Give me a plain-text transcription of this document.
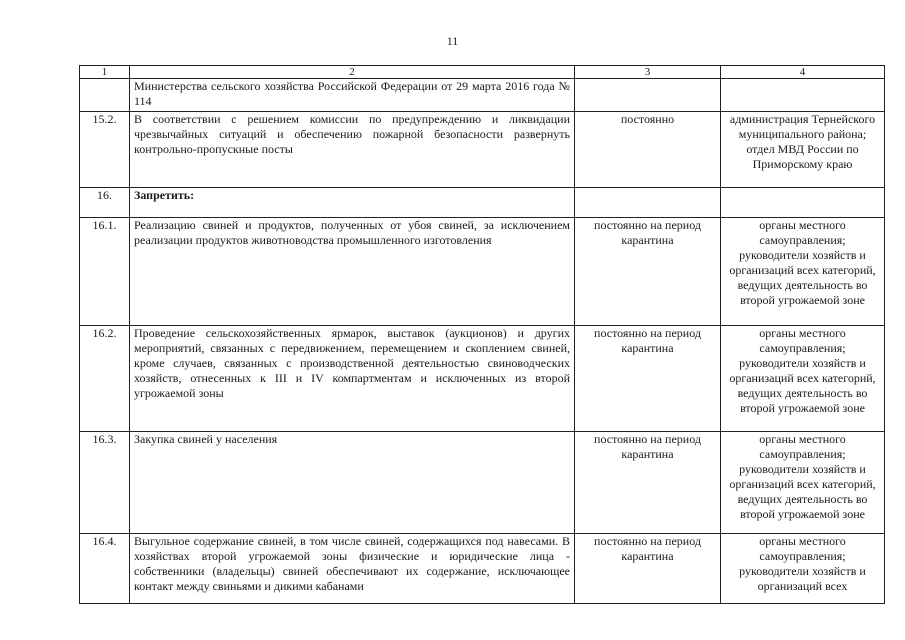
11
1	2	3	4
	Министерства сельского хозяйства Российской Федерации от 29 марта 2016 года № 114		
15.2.	В соответствии с решением комиссии по предупреждению и ликвидации чрезвычайных ситуаций и обеспечению пожарной безопасности развернуть контрольно-пропускные посты	постоянно	администрация Тернейского муниципального района; отдел МВД России по Приморскому краю
16.	Запретить:		
16.1.	Реализацию свиней и продуктов, полученных от убоя свиней, за исключением реализации продуктов животноводства промышленного изготовления	постоянно на период карантина	органы местного самоуправления; руководители хозяйств и организаций всех категорий, ведущих деятельность во второй угрожаемой зоне
16.2.	Проведение сельскохозяйственных ярмарок, выставок (аукционов) и других мероприятий, связанных с передвижением, перемещением и скоплением свиней, кроме случаев, связанных с производственной деятельностью свиноводческих хозяйств, отнесенных к III и IV компартментам и исключенных из второй угрожаемой зоны	постоянно на период карантина	органы местного самоуправления; руководители хозяйств и организаций всех категорий, ведущих деятельность во второй угрожаемой зоне
16.3.	Закупка свиней у населения	постоянно на период карантина	органы местного самоуправления; руководители хозяйств и организаций всех категорий, ведущих деятельность во второй угрожаемой зоне
16.4.	Выгульное содержание свиней, в том числе свиней, содержащихся под навесами. В хозяйствах второй угрожаемой зоны физические и юридические лица - собственники (владельцы) свиней обеспечивают их содержание, исключающее контакт между свиньями и дикими кабанами	постоянно на период карантина	органы местного самоуправления; руководители хозяйств и организаций всех
